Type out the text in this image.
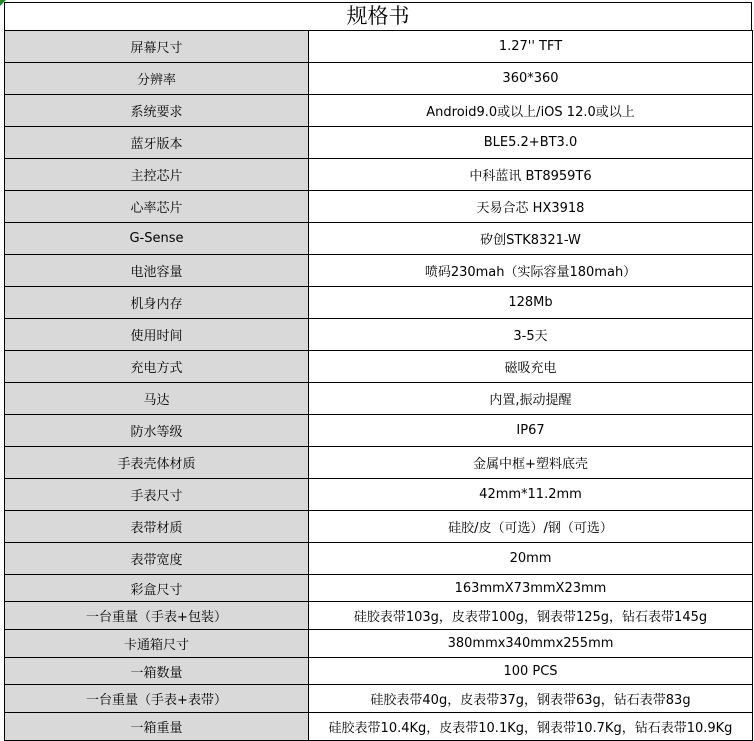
规格书
屏幕尺寸	1.27'' TFT
分辨率	360*360
系统要求	Android9.0或以上/iOS 12.0或以上
蓝牙版本	BLE5.2+BT3.0
主控芯片	中科蓝讯 BT8959T6
心率芯片	天易合芯 HX3918
G-Sense	矽创STK8321-W
电池容量	喷码230mah（实际容量180mah）
机身内存	128Mb
使用时间	3-5天
充电方式	磁吸充电
马达	内置,振动提醒
防水等级	IP67
手表壳体材质	金属中框+塑料底壳
手表尺寸	42mm*11.2mm
表带材质	硅胶/皮（可选）/钢（可选）
表带宽度	20mm
彩盒尺寸	163mmX73mmX23mm
一台重量（手表+包装）	硅胶表带103g，皮表带100g，钢表带125g，钻石表带145g
卡通箱尺寸	380mmx340mmx255mm
一箱数量	100 PCS
一台重量（手表+表带）	硅胶表带40g，皮表带37g，钢表带63g，钻石表带83g
一箱重量	硅胶表带10.4Kg，皮表带10.1Kg，钢表带10.7Kg，钻石表带10.9Kg
